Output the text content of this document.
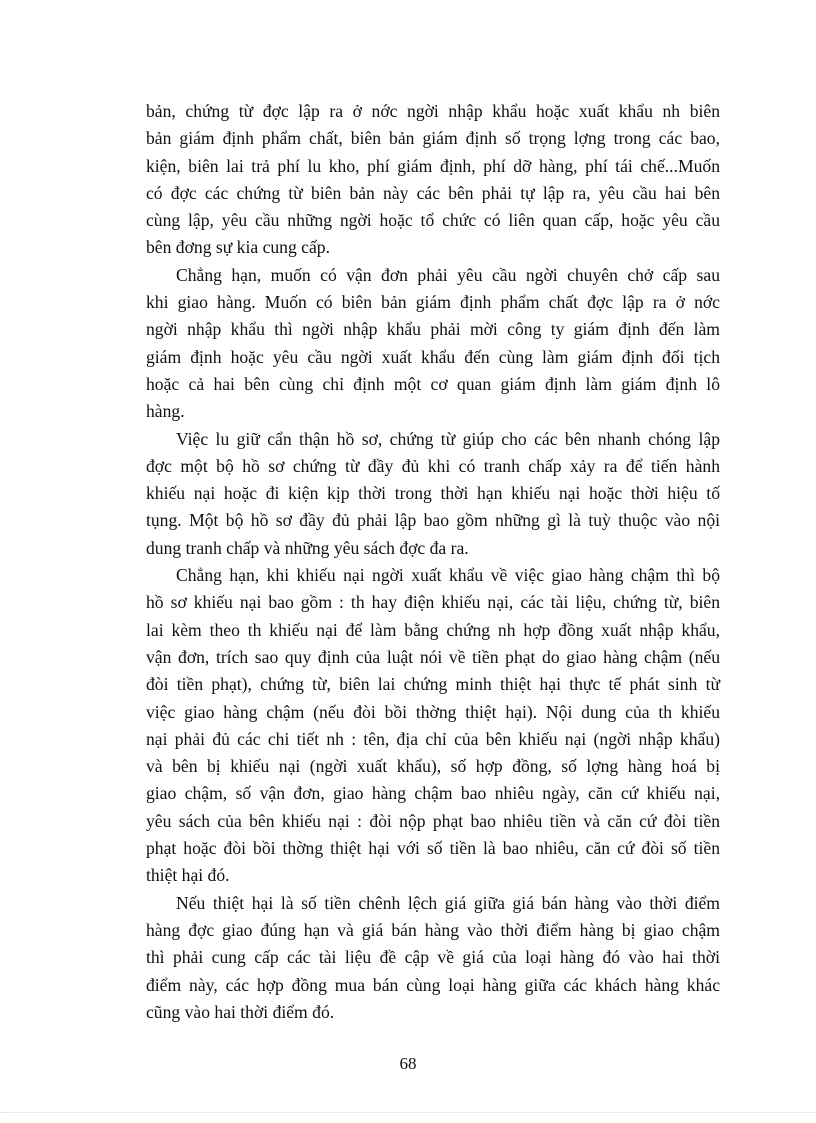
bản, chứng từ đợc lập ra ở nớc ngời nhập khẩu hoặc xuất khẩu nh biên
bản giám định phẩm chất, biên bản giám định số trọng lợng trong các bao,
kiện, biên lai trả phí lu kho, phí giám định, phí dỡ hàng, phí tái chế...Muốn
có đợc các chứng từ biên bản này các bên phải tự lập ra, yêu cầu hai bên
cùng lập, yêu cầu những ngời hoặc tổ chức có liên quan cấp, hoặc yêu cầu
bên đơng sự kia cung cấp.
Chẳng hạn, muốn có vận đơn phải yêu cầu ngời chuyên chở cấp sau
khi giao hàng. Muốn có biên bản giám định phẩm chất đợc lập ra ở nớc
ngời nhập khẩu thì ngời nhập khẩu phải mời công ty giám định đến làm
giám định hoặc yêu cầu ngời xuất khẩu đến cùng làm giám định đối tịch
hoặc cả hai bên cùng chỉ định một cơ quan giám định làm giám định lô
hàng.
Việc lu giữ cẩn thận hồ sơ, chứng từ giúp cho các bên nhanh chóng lập
đợc một bộ hồ sơ chứng từ đầy đủ khi có tranh chấp xảy ra để tiến hành
khiếu nại hoặc đi kiện kịp thời trong thời hạn khiếu nại hoặc thời hiệu tố
tụng. Một bộ hồ sơ đầy đủ phải lập bao gồm những gì là tuỳ thuộc vào nội
dung tranh chấp và những yêu sách đợc đa ra.
Chẳng hạn, khi khiếu nại ngời xuất khẩu về việc giao hàng chậm thì bộ
hồ sơ khiếu nại bao gồm : th hay điện khiếu nại, các tài liệu, chứng từ, biên
lai kèm theo th khiếu nại để làm bằng chứng nh hợp đồng xuất nhập khẩu,
vận đơn, trích sao quy định của luật nói về tiền phạt do giao hàng chậm (nếu
đòi tiền phạt), chứng từ, biên lai chứng minh thiệt hại thực tế phát sinh từ
việc giao hàng chậm (nếu đòi bồi thờng thiệt hại). Nội dung của th khiếu
nại phải đủ các chi tiết nh : tên, địa chỉ của bên khiếu nại (ngời nhập khẩu)
và bên bị khiếu nại (ngời xuất khẩu), số hợp đồng, số lợng hàng hoá bị
giao chậm, số vận đơn, giao hàng chậm bao nhiêu ngày, căn cứ khiếu nại,
yêu sách của bên khiếu nại : đòi nộp phạt bao nhiêu tiền và căn cứ đòi tiền
phạt hoặc đòi bồi thờng thiệt hại với số tiền là bao nhiêu, căn cứ đòi số tiền
thiệt hại đó.
Nếu thiệt hại là số tiền chênh lệch giá giữa giá bán hàng vào thời điểm
hàng đợc giao đúng hạn và giá bán hàng vào thời điểm hàng bị giao chậm
thì phải cung cấp các tài liệu đề cập về giá của loại hàng đó vào hai thời
điểm này, các hợp đồng mua bán cùng loại hàng giữa các khách hàng khác
cũng vào hai thời điểm đó.
68
